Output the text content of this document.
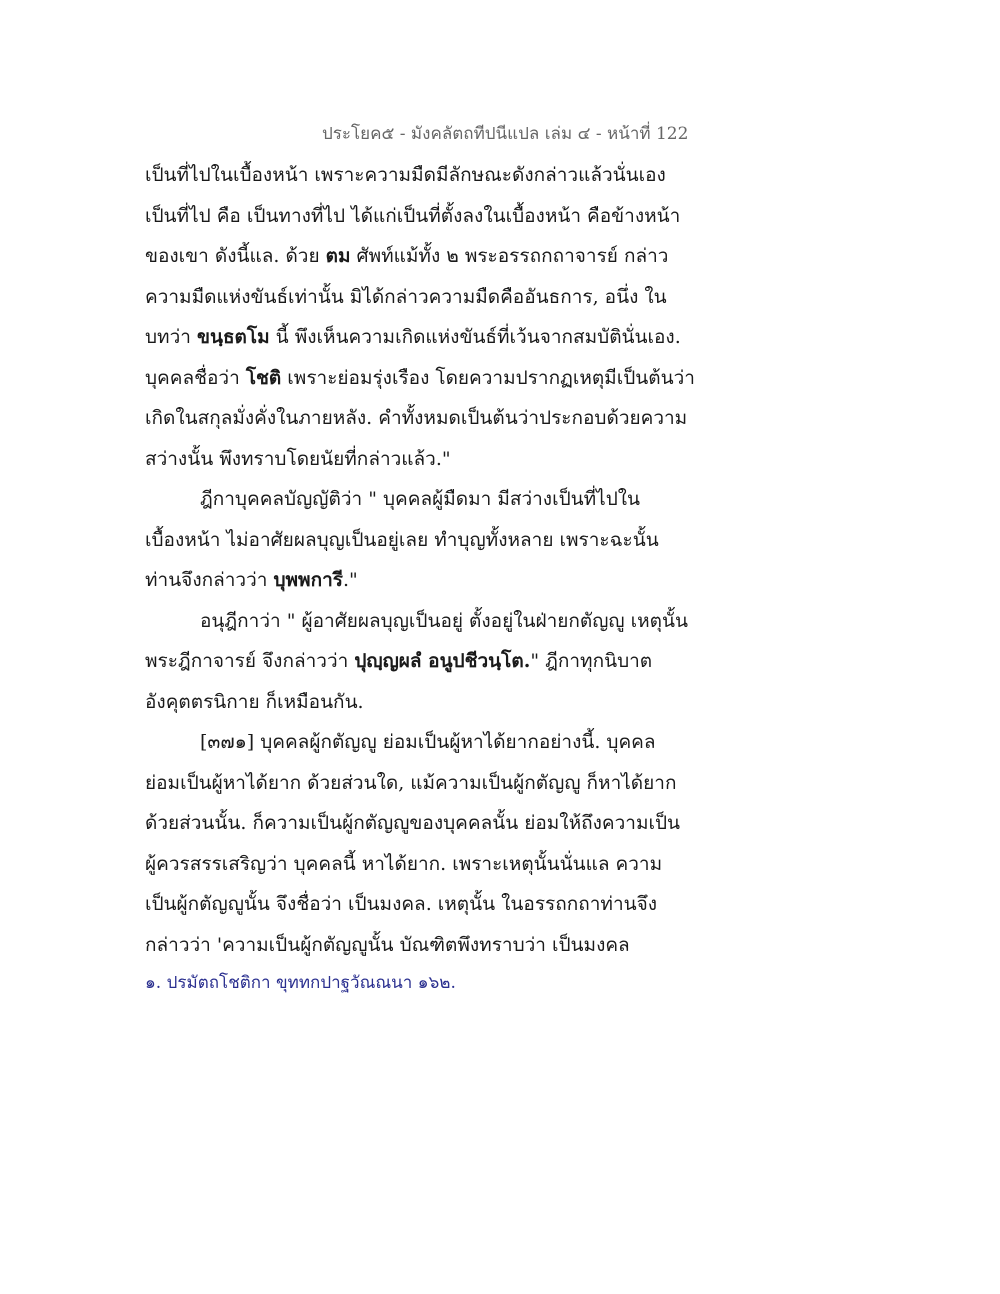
ประโยค๕ - มังคลัตถทีปนีแปล เล่ม ๔ - หน้าที่ 122
เป็นที่ไปในเบื้องหน้า เพราะความมืดมีลักษณะดังกล่าวแล้วนั่นเอง
เป็นที่ไป คือ เป็นทางที่ไป ได้แก่เป็นที่ตั้งลงในเบื้องหน้า คือข้างหน้า
ของเขา ดังนี้แล. ด้วย ตม ศัพท์แม้ทั้ง ๒ พระอรรถกถาจารย์ กล่าว
ความมืดแห่งขันธ์เท่านั้น มิได้กล่าวความมืดคืออันธการ, อนึ่ง ใน
บทว่า ขนฺธตโม นี้ พึงเห็นความเกิดแห่งขันธ์ที่เว้นจากสมบัตินั่นเอง.
บุคคลชื่อว่า โชติ เพราะย่อมรุ่งเรือง โดยความปรากฏเหตุมีเป็นต้นว่า
เกิดในสกุลมั่งคั่งในภายหลัง. คำทั้งหมดเป็นต้นว่าประกอบด้วยความ
สว่างนั้น พึงทราบโดยนัยที่กล่าวแล้ว."
ฎีกาบุคคลบัญญัติว่า " บุคคลผู้มืดมา มีสว่างเป็นที่ไปใน
เบื้องหน้า ไม่อาศัยผลบุญเป็นอยู่เลย ทำบุญทั้งหลาย เพราะฉะนั้น
ท่านจึงกล่าวว่า บุพพการี."
อนุฎีกาว่า " ผู้อาศัยผลบุญเป็นอยู่ ตั้งอยู่ในฝ่ายกตัญญู เหตุนั้น
พระฎีกาจารย์ จึงกล่าวว่า ปุญฺญผลํ อนูปชีวนฺโต." ฎีกาทุกนิบาต
อังคุตตรนิกาย ก็เหมือนกัน.
[๓๗๑] บุคคลผู้กตัญญู ย่อมเป็นผู้หาได้ยากอย่างนี้. บุคคล
ย่อมเป็นผู้หาได้ยาก ด้วยส่วนใด, แม้ความเป็นผู้กตัญญู ก็หาได้ยาก
ด้วยส่วนนั้น. ก็ความเป็นผู้กตัญญูของบุคคลนั้น ย่อมให้ถึงความเป็น
ผู้ควรสรรเสริญว่า บุคคลนี้ หาได้ยาก. เพราะเหตุนั้นนั่นแล ความ
เป็นผู้กตัญญูนั้น จึงชื่อว่า เป็นมงคล. เหตุนั้น ในอรรถกถาท่านจึง
กล่าวว่า 'ความเป็นผู้กตัญญูนั้น บัณฑิตพึงทราบว่า เป็นมงคล
๑. ปรมัตถโชติกา ขุททกปาฐวัณณนา ๑๖๒.
